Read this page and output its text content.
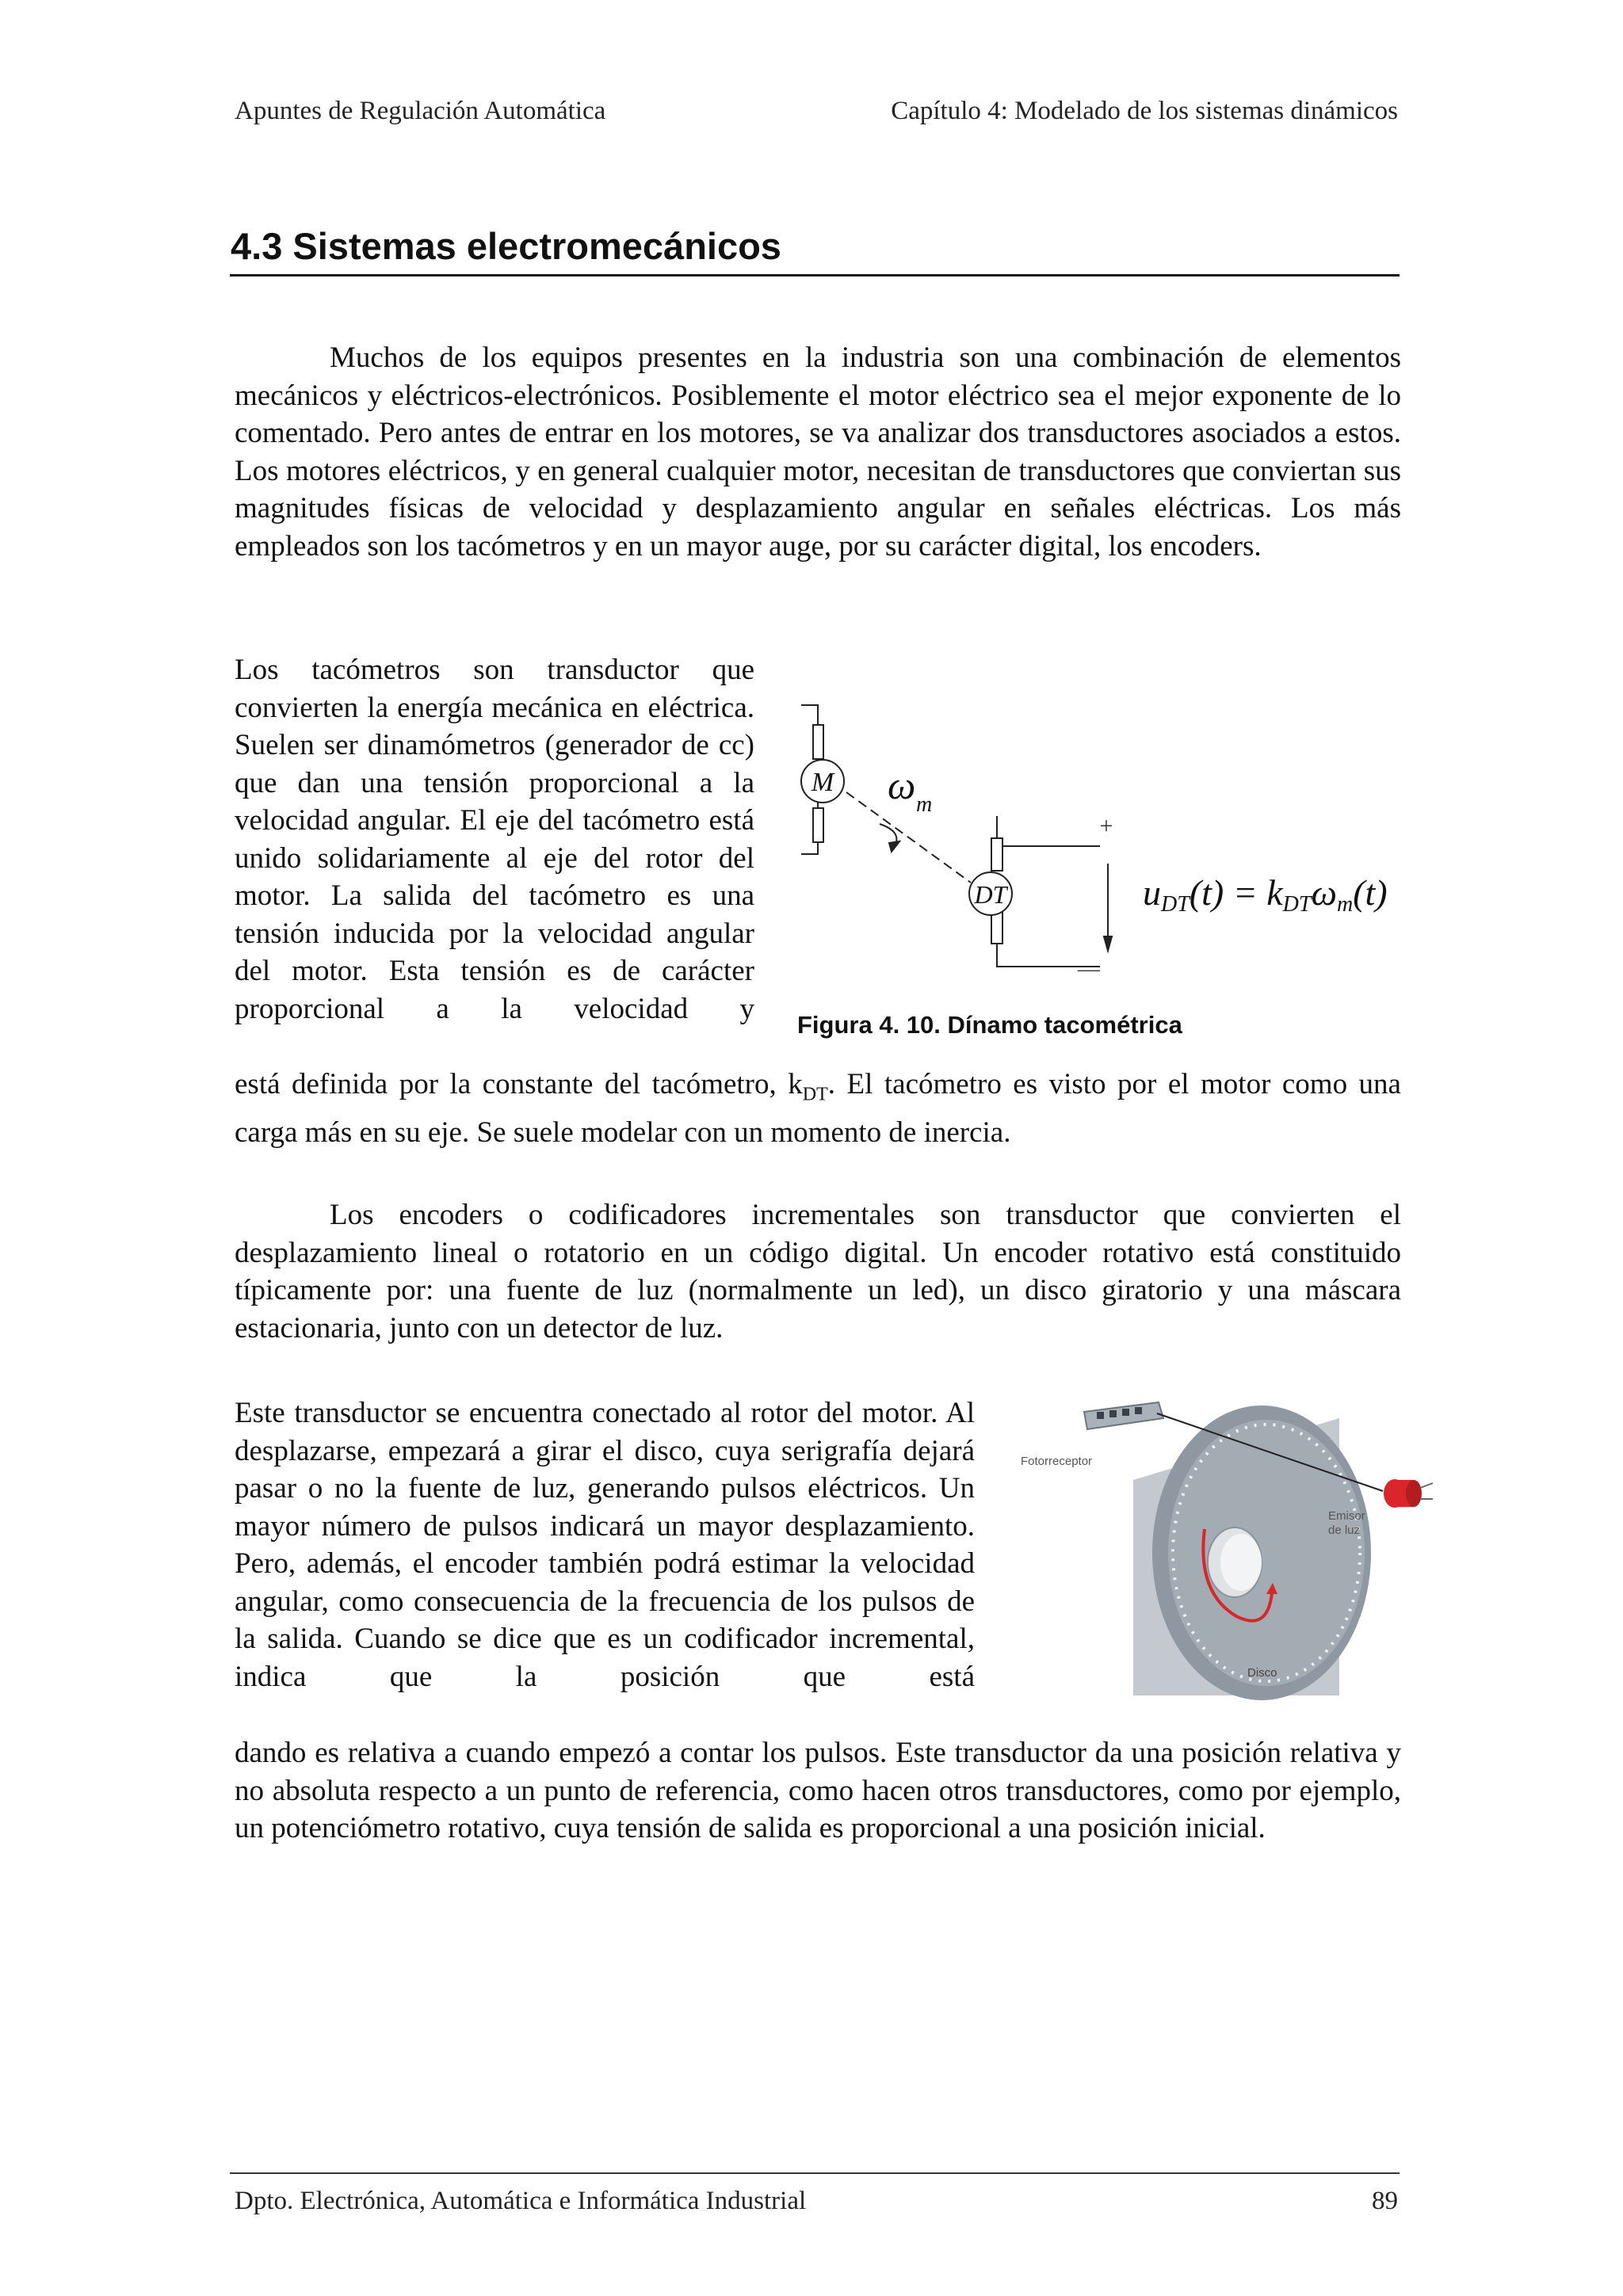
Apuntes de Regulación Automática	Capítulo 4: Modelado de los sistemas dinámicos
4.3 Sistemas electromecánicos

Muchos de los equipos presentes en la industria son una combinación de elementos mecánicos y eléctricos-electrónicos. Posiblemente el motor eléctrico sea el mejor exponente de lo comentado. Pero antes de entrar en los motores, se va analizar dos transductores asociados a estos. Los motores eléctricos, y en general cualquier motor, necesitan de transductores que conviertan sus magnitudes físicas de velocidad y desplazamiento angular en señales eléctricas. Los más empleados son los tacómetros y en un mayor auge, por su carácter digital, los encoders.

Los tacómetros son transductor que convierten la energía mecánica en eléctrica. Suelen ser dinamómetros (generador de cc) que dan una tensión proporcional a la velocidad angular. El eje del tacómetro está unido solidariamente al eje del rotor del motor. La salida del tacómetro es una tensión inducida por la velocidad angular del motor. Esta tensión es de carácter proporcional a la velocidad y

está definida por la constante del tacómetro, $k_{DT}$. El tacómetro es visto por el motor como una carga más en su eje. Se suele modelar con un momento de inercia.

M
DT
ω m
+
—
uDT(t) = kDTωm(t)
Figura 4. 10. Dínamo tacométrica

Los encoders o codificadores incrementales son transductor que convierten el desplazamiento lineal o rotatorio en un código digital. Un encoder rotativo está constituido típicamente por: una fuente de luz (normalmente un led), un disco giratorio y una máscara estacionaria, junto con un detector de luz.

Este transductor se encuentra conectado al rotor del motor. Al desplazarse, empezará a girar el disco, cuya serigrafía dejará pasar o no la fuente de luz, generando pulsos eléctricos. Un mayor número de pulsos indicará un mayor desplazamiento. Pero, además, el encoder también podrá estimar la velocidad angular, como consecuencia de la frecuencia de los pulsos de la salida. Cuando se dice que es un codificador incremental, indica que la posición que está

dando es relativa a cuando empezó a contar los pulsos. Este transductor da una posición relativa y no absoluta respecto a un punto de referencia, como hacen otros transductores, como por ejemplo, un potenciómetro rotativo, cuya tensión de salida es proporcional a una posición inicial.

Fotorreceptor
Emisor
de luz
Disco
Dpto. Electrónica, Automática e Informática Industrial	89
